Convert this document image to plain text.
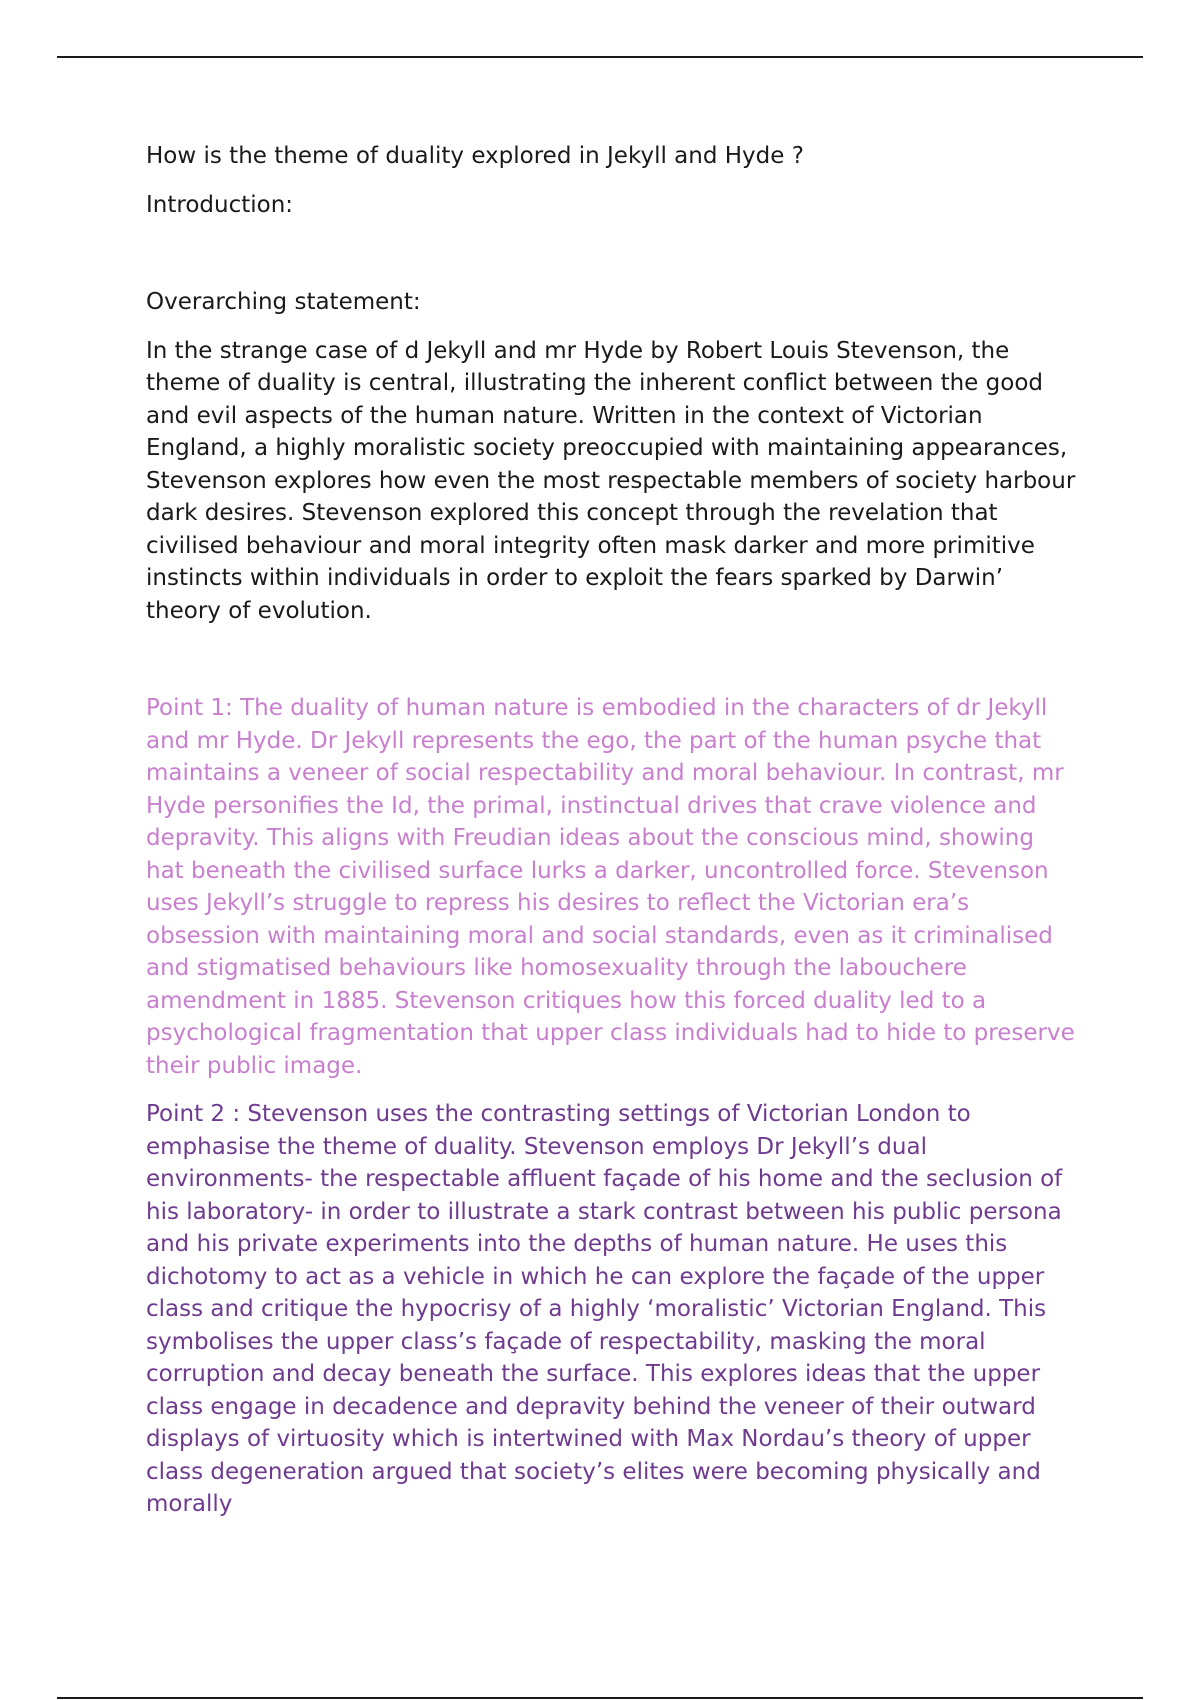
How is the theme of duality explored in Jekyll and Hyde ?

Introduction:

Overarching statement:

In the strange case of d Jekyll and mr Hyde by Robert Louis Stevenson, the theme of duality is central, illustrating the inherent conflict between the good and evil aspects of the human nature. Written in the context of Victorian England, a highly moralistic society preoccupied with maintaining appearances, Stevenson explores how even the most respectable members of society harbour dark desires. Stevenson explored this concept through the revelation that civilised behaviour and moral integrity often mask darker and more primitive instincts within individuals in order to exploit the fears sparked by Darwin’ theory of evolution.

Point 1: The duality of human nature is embodied in the characters of dr Jekyll and mr Hyde. Dr Jekyll represents the ego, the part of the human psyche that maintains a veneer of social respectability and moral behaviour. In contrast, mr Hyde personifies the Id, the primal, instinctual drives that crave violence and depravity. This aligns with Freudian ideas about the conscious mind, showing hat beneath the civilised surface lurks a darker, uncontrolled force. Stevenson uses Jekyll’s struggle to repress his desires to reflect the Victorian era’s obsession with maintaining moral and social standards, even as it criminalised and stigmatised behaviours like homosexuality through the labouchere amendment in 1885. Stevenson critiques how this forced duality led to a psychological fragmentation that upper class individuals had to hide to preserve their public image.

Point 2 : Stevenson uses the contrasting settings of Victorian London to emphasise the theme of duality. Stevenson employs Dr Jekyll’s dual environments- the respectable affluent façade of his home and the seclusion of his laboratory- in order to illustrate a stark contrast between his public persona and his private experiments into the depths of human nature. He uses this dichotomy to act as a vehicle in which he can explore the façade of the upper class and critique the hypocrisy of a highly ‘moralistic’ Victorian England. This symbolises the upper class’s façade of respectability, masking the moral corruption and decay beneath the surface. This explores ideas that the upper class engage in decadence and depravity behind the veneer of their outward displays of virtuosity which is intertwined with Max Nordau’s theory of upper class degeneration argued that society’s elites were becoming physically and morally
